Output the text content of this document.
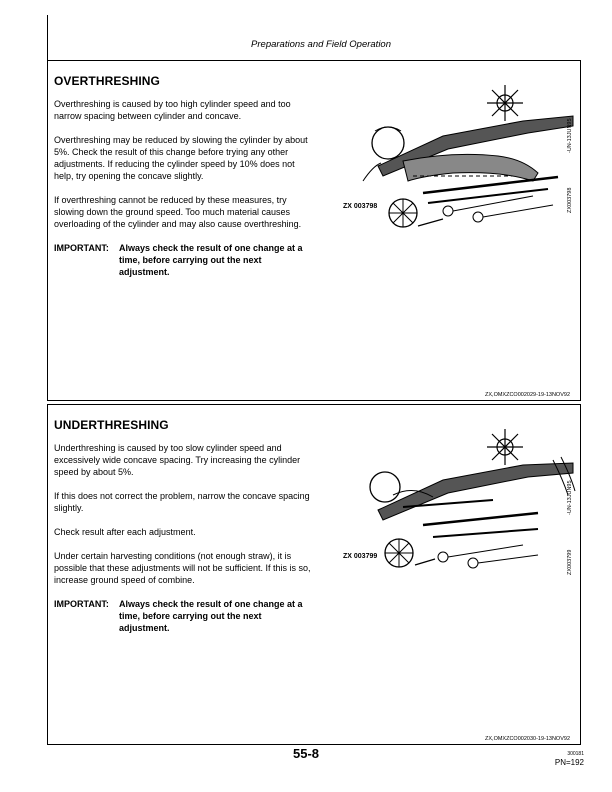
Preparations and Field Operation
OVERTHRESHING

Overthreshing is caused by too high cylinder speed and too narrow spacing between cylinder and concave.

Overthreshing may be reduced by slowing the cylinder by about 5%. Check the result of this change before trying any other adjustments. If reducing the cylinder speed by 10% does not help, try opening the concave slightly.

If overthreshing cannot be reduced by these measures, try slowing down the ground speed. Too much material causes overloading of the cylinder and may also cause overthreshing.

IMPORTANT:	Always check the result of one change at a time, before carrying out the next adjustment.
ZX 003798	ZX003798
-UN-13JUN95
ZX,OMXZCO002029-19-13NOV92
UNDERTHRESHING

Underthreshing is caused by too slow cylinder speed and excessively wide concave spacing. Try increasing the cylinder speed by about 5%.

If this does not correct the problem, narrow the concave spacing slightly.

Check result after each adjustment.

Under certain harvesting conditions (not enough straw), it is possible that these adjustments will not be sufficient. If this is so, increase ground speed of combine.

IMPORTANT:	Always check the result of one change at a time, before carrying out the next adjustment.
ZX 003799	ZX003799
-UN-13JUN95
ZX,OMXZCO002030-19-13NOV92
55-8	300181
PN=192
